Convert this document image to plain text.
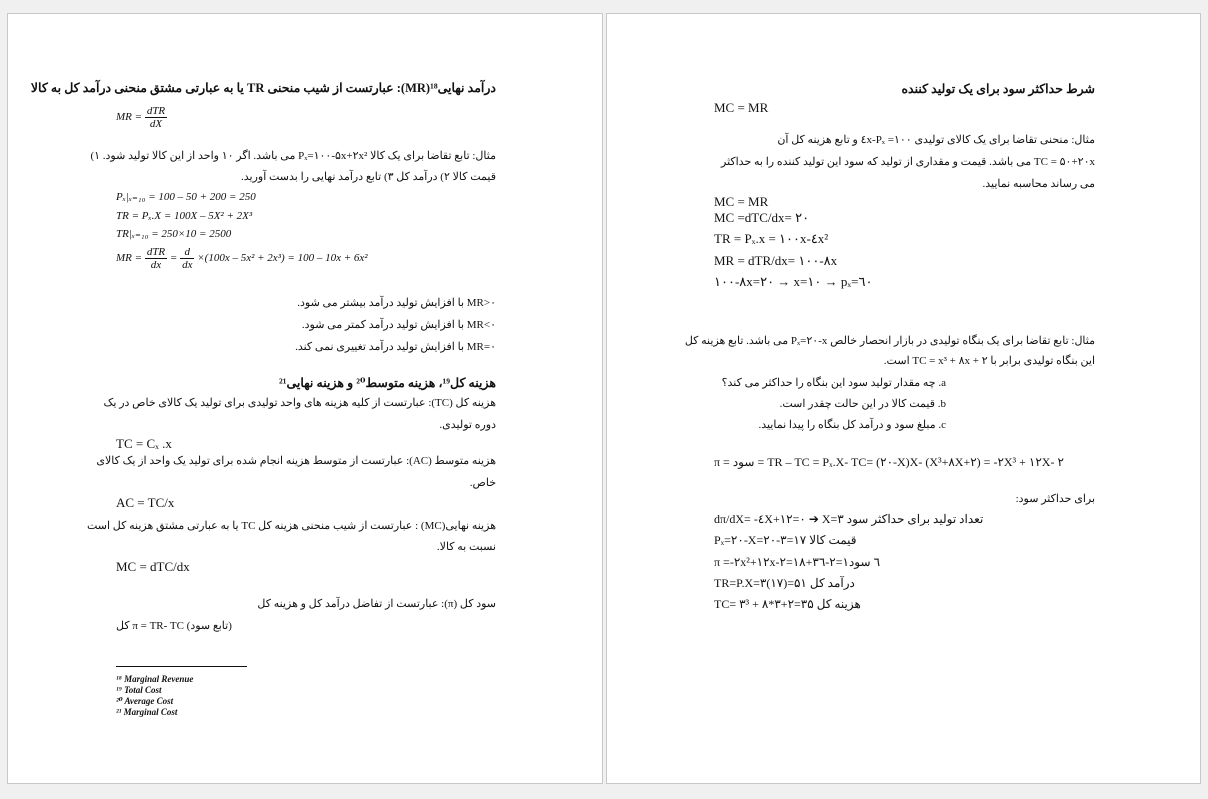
درآمد نهایی¹⁸(MR): عبارتست از شیب منحنی TR یا به عبارتی مشتق منحنی درآمد کل به کالا
MR = $\frac{\text{dTR}}{dX}$
مثال: تابع تقاضا برای یک کالا Pₓ=۱۰۰-۵x+۲x² می باشد. اگر ۱۰ واحد از این کالا تولید شود. ۱)
قیمت کالا ۲) درآمد کل ۳) تابع درآمد نهایی را بدست آورید.
Pₓ|ₓ₌₁₀ = 100 – 50 + 200 = 250
TR = Pₓ.X = 100X – 5X² + 2X³
TR|ₓ₌₁₀ = 250×10 = 2500
MR = $\frac{\text{dTR}}{dx} = \frac{d}{dx} \times(100x - 5x^2 + 2x^3) = 100 - 10x + 6x^2$
MR>۰ با افزایش تولید درآمد بیشتر می شود.
MR<۰ با افزایش تولید درآمد کمتر می شود.
MR=۰ با افزایش تولید درآمد تغییری نمی کند.
هزینه کل¹⁹، هزینه متوسط²⁰ و هزینه نهایی²¹
هزینه کل (TC): عبارتست از کلیه هزینه های واحد تولیدی برای تولید یک کالای خاص در یک
دوره تولیدی.
TC = Cₓ .x
هزینه متوسط (AC): عبارتست از متوسط هزینه انجام شده برای تولید یک واحد از یک کالای
خاص.
AC = TC/x
هزینه نهایی(MC) : عبارتست از شیب منحنی هزینه کل TC یا به عبارتی مشتق هزینه کل است
نسبت به کالا.
MC = dTC/dx
سود کل (π): عبارتست از تفاضل درآمد کل و هزینه کل
کل π = TR- TC (تابع سود)
¹⁸ Marginal Revenue
¹⁹ Total Cost
²⁰ Average Cost
²¹ Marginal Cost
شرط حداکثر سود برای یک تولید کننده
MC = MR
مثال: منحنی تقاضا برای یک کالای تولیدی Pₓ =۱۰۰-٤x و تابع هزینه کل آن
TC = ۵۰+۲۰x می باشد. قیمت و مقداری از تولید که سود این تولید کننده را به حداکثر
می رساند محاسبه نمایید.
MC = MR
MC =dTC/dx= ۲۰
TR = Pₓ.x = ۱۰۰x-٤x²
MR = dTR/dx= ۱۰۰-۸x
۱۰۰-۸x=۲۰ → x=۱۰ → pₓ=٦۰
مثال: تابع تقاضا برای یک بنگاه تولیدی در بازار انحصار خالص Pₓ=۲۰-x می باشد. تابع هزینه کل
این بنگاه تولیدی برابر با TC = x³ + ۸x + ۲ است.
a. چه مقدار تولید سود این بنگاه را حداکثر می کند؟
b. قیمت کالا در این حالت چقدر است.
c. مبلغ سود و درآمد کل بنگاه را پیدا نمایید.
π = سود = TR – TC = Pₓ.X- TC= (۲۰-X)X- (X³+۸X+۲) = -۲X³ + ۱۲X- ۲
برای حداکثر سود:
dπ/dX= -٤X+۱۲=۰ ➔ X=۳ تعداد تولید برای حداکثر سود
Pₓ=۲۰-X=۲۰-۳=۱۷ قیمت کالا
π =-۲x²+۱۲x-۲=۱۸+۳٦-۲=۱٦ سود
TR=P.X=۳(۱۷)=۵۱ درآمد کل
TC= ۳³ + ۸*۳+۲=۳۵ هزینه کل
